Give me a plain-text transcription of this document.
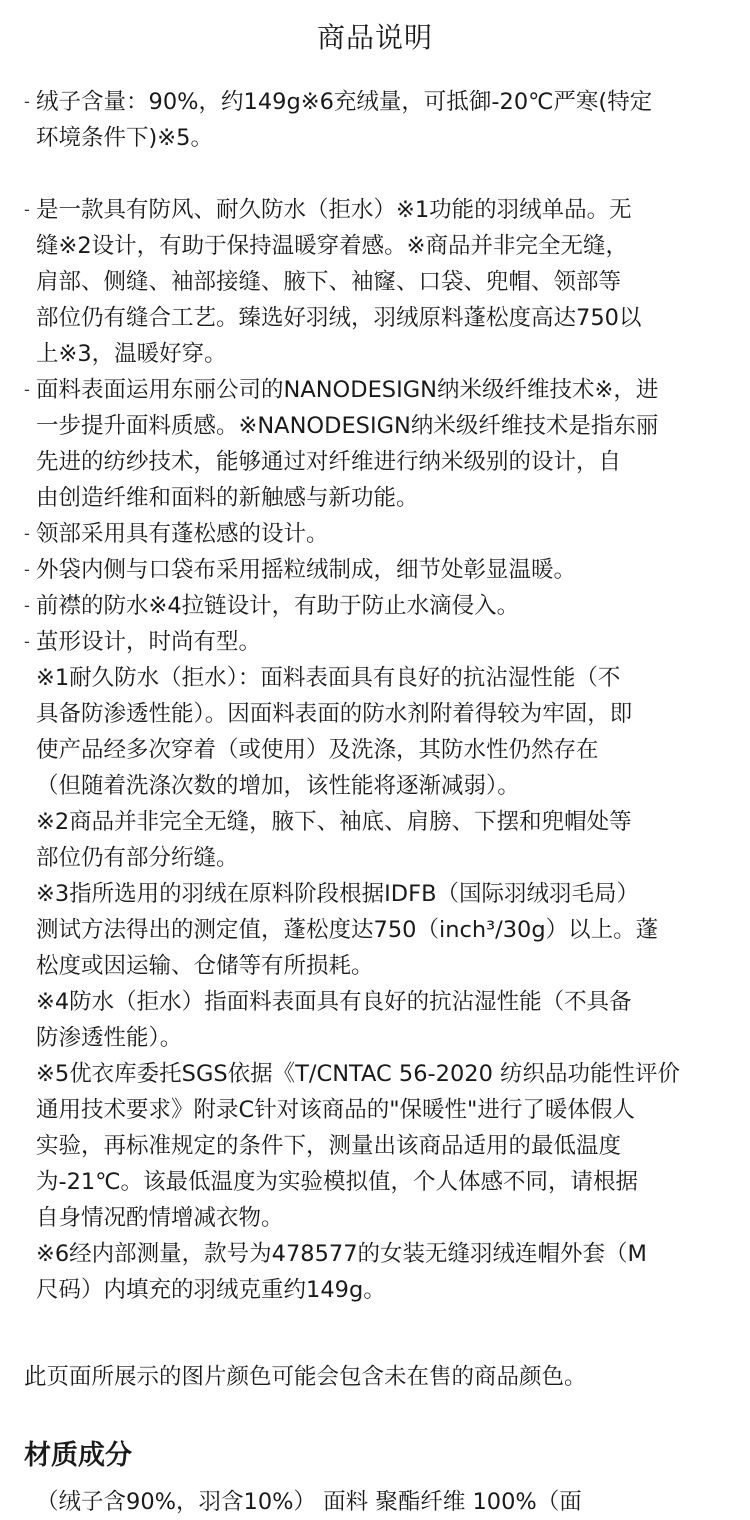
商品说明
- 绒子含量：90%，约149g※6充绒量，可抵御-20℃严寒(特定
环境条件下)※5。
- 是一款具有防风、耐久防水（拒水）※1功能的羽绒单品。无
缝※2设计，有助于保持温暖穿着感。※商品并非完全无缝，
肩部、侧缝、袖部接缝、腋下、袖窿、口袋、兜帽、领部等
部位仍有缝合工艺。臻选好羽绒，羽绒原料蓬松度高达750以
上※3，温暖好穿。
- 面料表面运用东丽公司的NANODESIGN纳米级纤维技术※，进
一步提升面料质感。※NANODESIGN纳米级纤维技术是指东丽
先进的纺纱技术，能够通过对纤维进行纳米级别的设计，自
由创造纤维和面料的新触感与新功能。
- 领部采用具有蓬松感的设计。
- 外袋内侧与口袋布采用摇粒绒制成，细节处彰显温暖。
- 前襟的防水※4拉链设计，有助于防止水滴侵入。
- 茧形设计，时尚有型。
※1耐久防水（拒水）：面料表面具有良好的抗沾湿性能（不
具备防渗透性能）。因面料表面的防水剂附着得较为牢固，即
使产品经多次穿着（或使用）及洗涤，其防水性仍然存在
（但随着洗涤次数的增加，该性能将逐渐减弱）。
※2商品并非完全无缝，腋下、袖底、肩膀、下摆和兜帽处等
部位仍有部分绗缝。
※3指所选用的羽绒在原料阶段根据IDFB（国际羽绒羽毛局）
测试方法得出的测定值，蓬松度达750（inch³/30g）以上。蓬
松度或因运输、仓储等有所损耗。
※4防水（拒水）指面料表面具有良好的抗沾湿性能（不具备
防渗透性能）。
※5优衣库委托SGS依据《T/CNTAC 56-2020 纺织品功能性评价
通用技术要求》附录C针对该商品的"保暖性"进行了暖体假人
实验，再标准规定的条件下，测量出该商品适用的最低温度
为-21℃。该最低温度为实验模拟值，个人体感不同，请根据
自身情况酌情增减衣物。
※6经内部测量，款号为478577的女装无缝羽绒连帽外套（M
尺码）内填充的羽绒克重约149g。
此页面所展示的图片颜色可能会包含未在售的商品颜色。
材质成分
（绒子含90%，羽含10%） 面料 聚酯纤维 100%（面
